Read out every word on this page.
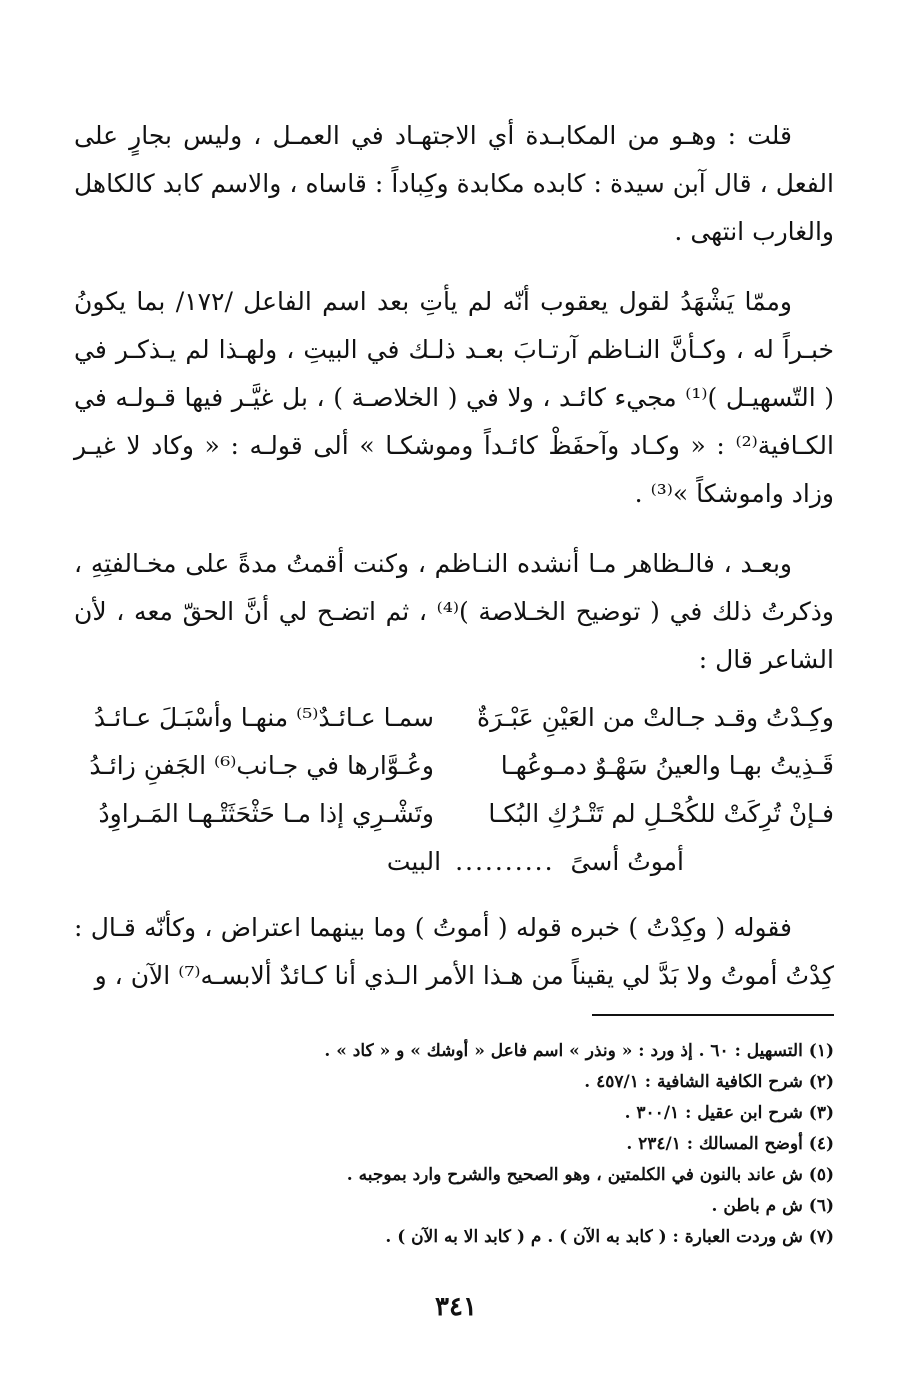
قلت : وهـو من المكابـدة أي الاجتهـاد في العمـل ، وليس بجارٍ على الفعل ، قال آبن سيدة : كابده مكابدة وكِباداً : قاساه ، والاسم كابد كالكاهل والغارب انتهى .

وممّا يَشْهَدُ لقول يعقوب أنّه لم يأتِ بعد اسم الفاعل /١٧٢/ بما يكونُ خبـراً له ، وكـأنَّ النـاظم آرتـابَ بعـد ذلـك في البيتِ ، ولهـذا لم يـذكـر في ( التّسهيـل )⁽¹⁾ مجيء كائـد ، ولا في ( الخلاصـة ) ، بل غيَّـر فيها قـولـه في الكـافية⁽²⁾ : « وكـاد وآحفَظْ كائـداً وموشكـا » ألى قولـه : « وكاد لا غيـر وزاد واموشكاً »⁽³⁾ .

وبعـد ، فالـظاهر مـا أنشده النـاظم ، وكنت أقمتُ مدةً على مخـالفتِهِ ، وذكرتُ ذلك في ( توضيح الخـلاصة )⁽⁴⁾ ، ثم اتضـح لي أنَّ الحقّ معه ، لأن الشاعر قال :

وكِـدْتُ وقـد جـالتْ من العَيْنِ عَبْـرَةٌ
سمـا عـائـدٌ⁽⁵⁾ منهـا وأسْبَـلَ عـائـدُ
قَـذِيتُ بهـا والعينُ سَهْـوٌ دمـوعُهـا
وعُـوَّارها في جـانب⁽⁶⁾ الجَفنِ زائـدُ
فـإنْ تُرِكَتْ للكُحْـلِ لم تَتْـرُكِ البُكـا
وتَشْـرِي إذا مـا حَثْحَثَتْـهـا المَـراوِدُ
أموتُ أسىً
..........
البيت

فقوله ( وكِدْتُ ) خبره قوله ( أموتُ ) وما بينهما اعتراض ، وكأنّه قـال : كِدْتُ أموتُ ولا بَدَّ لي يقيناً من هـذا الأمر الـذي أنا كـائدٌ ألابسـه⁽⁷⁾ الآن ، و

(١) التسهيل : ٦٠ . إذ ورد : « ونذر » اسم فاعل « أوشك » و « كاد » .
(٢) شرح الكافية الشافية : ٤٥٧/١ .
(٣) شرح ابن عقيل : ٣٠٠/١ .
(٤) أوضح المسالك : ٢٣٤/١ .
(٥) ش عاند بالنون في الكلمتين ، وهو الصحيح والشرح وارد بموجبه .
(٦) ش م باطن .
(٧) ش وردت العبارة : ( كابد به الآن ) . م ( كابد الا به الآن ) .
٣٤١
